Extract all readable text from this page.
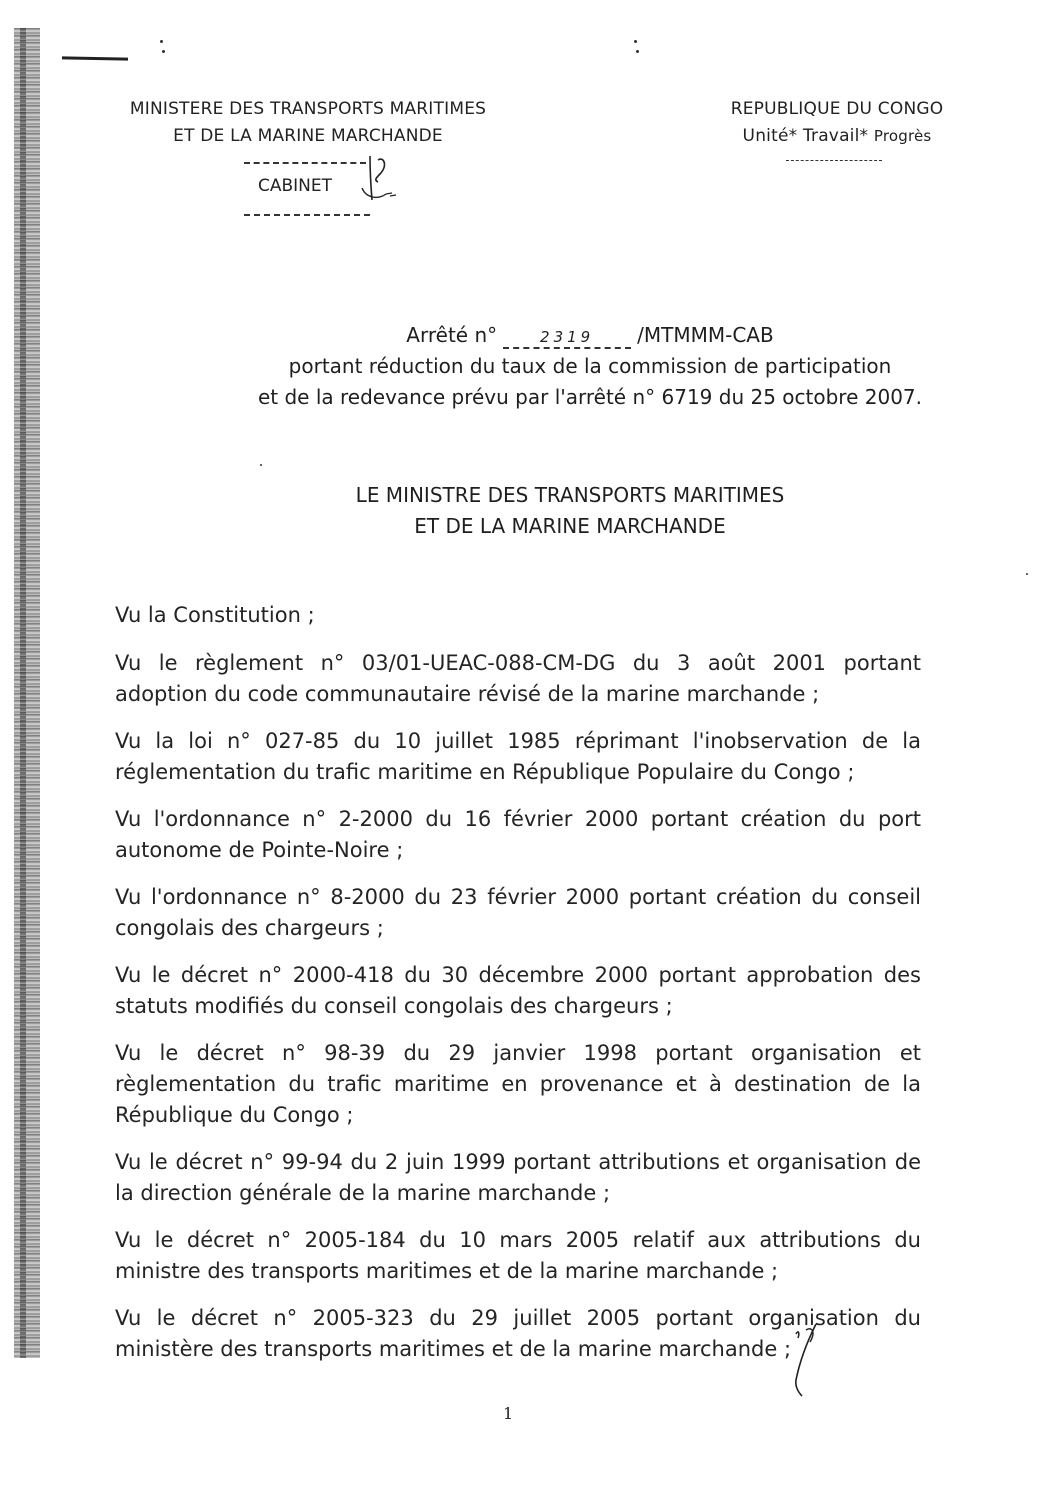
MINISTERE DES TRANSPORTS MARITIMES
ET DE LA MARINE MARCHANDE
CABINET
REPUBLIQUE DU CONGO
Unité* Travail* Progrès
Arrêté n°	2319 /MTMMM-CAB
portant réduction du taux de la commission de participation
et de la redevance prévu par l'arrêté n° 6719 du 25 octobre 2007.
LE MINISTRE DES TRANSPORTS MARITIMES
ET DE LA MARINE MARCHANDE

Vu la Constitution ;

Vu le règlement n° 03/01-UEAC-088-CM-DG du 3 août 2001 portant adoption du code communautaire révisé de la marine marchande ;

Vu la loi n° 027-85 du 10 juillet 1985 réprimant l'inobservation de la réglementation du trafic maritime en République Populaire du Congo ;

Vu l'ordonnance n° 2-2000 du 16 février 2000 portant création du port autonome de Pointe-Noire ;

Vu l'ordonnance n° 8-2000 du 23 février 2000 portant création du conseil congolais des chargeurs ;

Vu le décret n° 2000-418 du 30 décembre 2000 portant approbation des statuts modifiés du conseil congolais des chargeurs ;

Vu le décret n° 98-39 du 29 janvier 1998 portant organisation et règlementation du trafic maritime en provenance et à destination de la République du Congo ;

Vu le décret n° 99-94 du 2 juin 1999 portant attributions et organisation de la direction générale de la marine marchande ;

Vu le décret n° 2005-184 du 10 mars 2005 relatif aux attributions du ministre des transports maritimes et de la marine marchande ;

Vu le décret n° 2005-323 du 29 juillet 2005 portant organisation du ministère des transports maritimes et de la marine marchande ;

1
